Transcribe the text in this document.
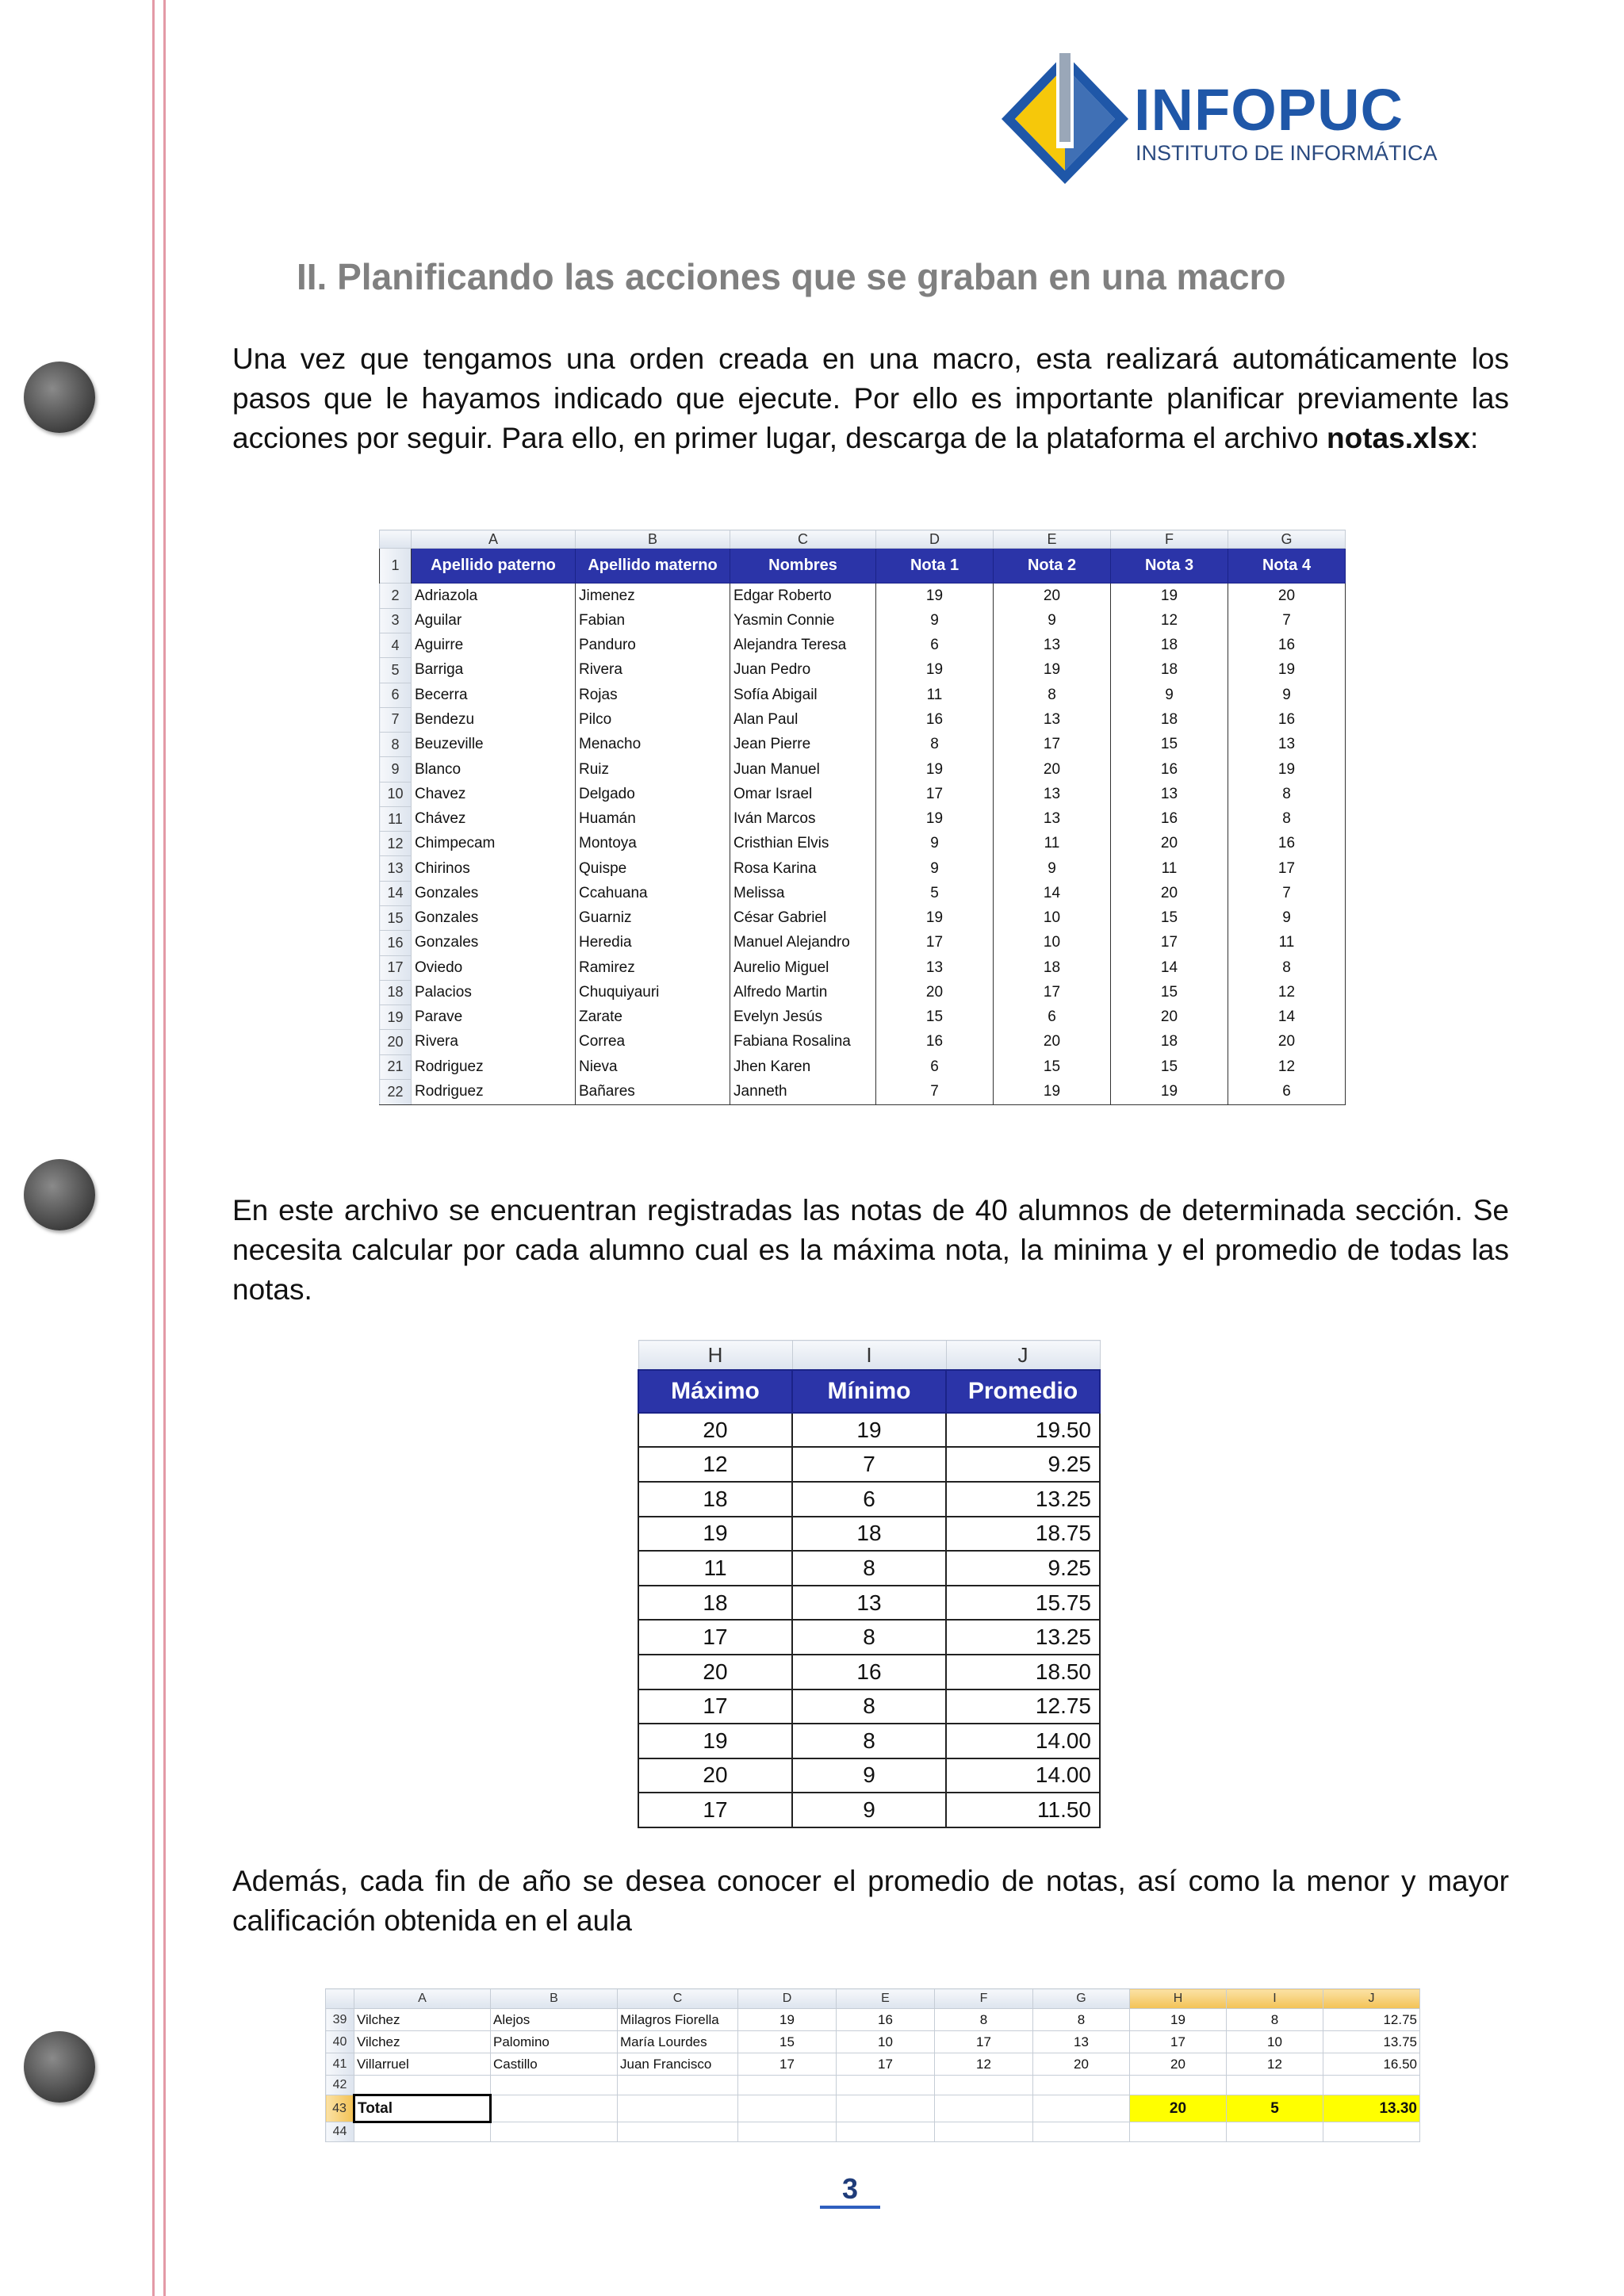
INFOPUC
INSTITUTO DE INFORMÁTICA
II. Planificando las acciones que se graban en una macro
Una vez que tengamos una orden creada en una macro, esta realizará automáticamente los pasos que le hayamos indicado que ejecute. Por ello es importante planificar previamente las acciones por seguir. Para ello, en primer lugar, descarga de la plataforma el archivo notas.xlsx:
	A	B	C	D	E	F	G
1	Apellido paterno	Apellido materno	Nombres	Nota 1	Nota 2	Nota 3	Nota 4
2	Adriazola	Jimenez	Edgar Roberto	19	20	19	20
3	Aguilar	Fabian	Yasmin Connie	9	9	12	7
4	Aguirre	Panduro	Alejandra Teresa	6	13	18	16
5	Barriga	Rivera	Juan Pedro	19	19	18	19
6	Becerra	Rojas	Sofía Abigail	11	8	9	9
7	Bendezu	Pilco	Alan Paul	16	13	18	16
8	Beuzeville	Menacho	Jean Pierre	8	17	15	13
9	Blanco	Ruiz	Juan Manuel	19	20	16	19
10	Chavez	Delgado	Omar Israel	17	13	13	8
11	Chávez	Huamán	Iván Marcos	19	13	16	8
12	Chimpecam	Montoya	Cristhian Elvis	9	11	20	16
13	Chirinos	Quispe	Rosa Karina	9	9	11	17
14	Gonzales	Ccahuana	Melissa	5	14	20	7
15	Gonzales	Guarniz	César Gabriel	19	10	15	9
16	Gonzales	Heredia	Manuel Alejandro	17	10	17	11
17	Oviedo	Ramirez	Aurelio Miguel	13	18	14	8
18	Palacios	Chuquiyauri	Alfredo Martin	20	17	15	12
19	Parave	Zarate	Evelyn Jesús	15	6	20	14
20	Rivera	Correa	Fabiana Rosalina	16	20	18	20
21	Rodriguez	Nieva	Jhen Karen	6	15	15	12
22	Rodriguez	Bañares	Janneth	7	19	19	6
En este archivo se encuentran registradas las notas de 40 alumnos de determinada sección. Se necesita calcular por cada alumno cual es la máxima nota, la minima y el promedio de todas las notas.
H	I	J
Máximo	Mínimo	Promedio
20	19	19.50
12	7	9.25
18	6	13.25
19	18	18.75
11	8	9.25
18	13	15.75
17	8	13.25
20	16	18.50
17	8	12.75
19	8	14.00
20	9	14.00
17	9	11.50
Además, cada fin de año se desea conocer el promedio de notas, así como la menor y mayor calificación obtenida en el aula
	A	B	C	D	E	F	G	H	I	J
39	Vilchez	Alejos	Milagros Fiorella	19	16	8	8	19	8	12.75
40	Vilchez	Palomino	María Lourdes	15	10	17	13	17	10	13.75
41	Villarruel	Castillo	Juan Francisco	17	17	12	20	20	12	16.50
42										
43	Total							20	5	13.30
44										
3
